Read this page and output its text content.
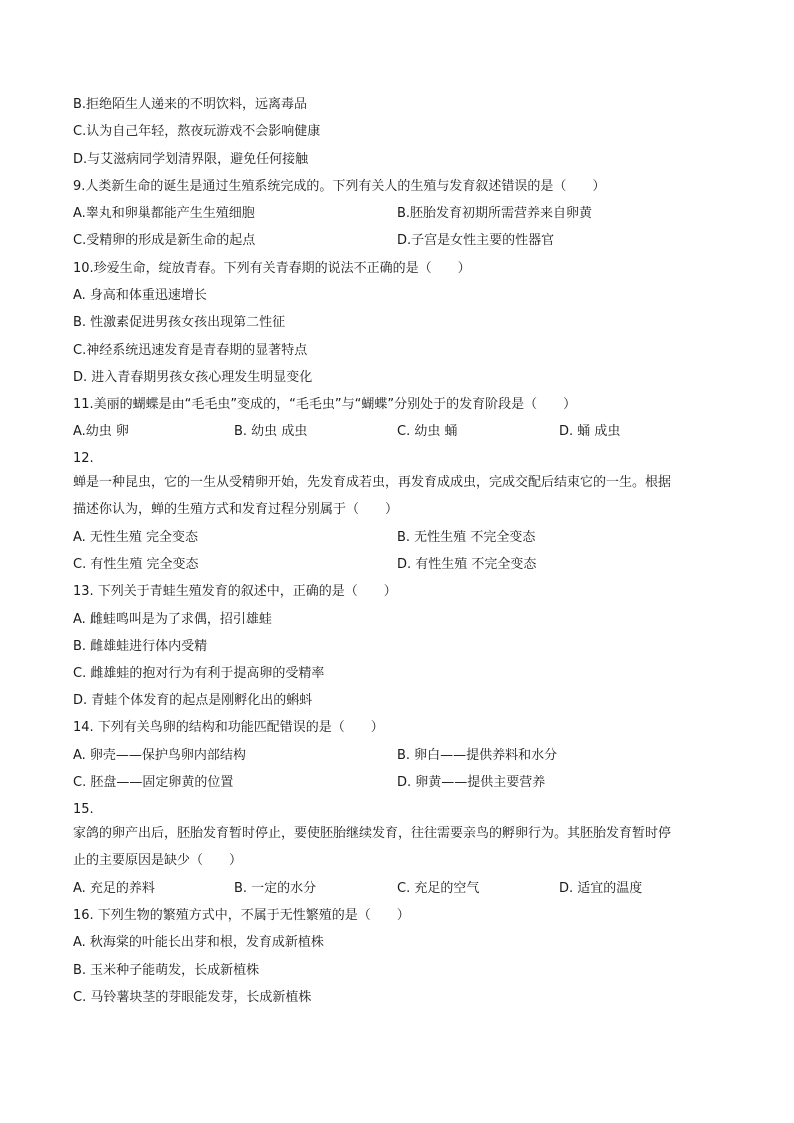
B.拒绝陌生人递来的不明饮料，远离毒品
C.认为自己年轻，熬夜玩游戏不会影响健康
D.与艾滋病同学划清界限，避免任何接触
9.人类新生命的诞生是通过生殖系统完成的。下列有关人的生殖与发育叙述错误的是（　　）
A.睾丸和卵巢都能产生生殖细胞	B.胚胎发育初期所需营养来自卵黄
C.受精卵的形成是新生命的起点	D.子宫是女性主要的性器官
10.珍爱生命，绽放青春。下列有关青春期的说法不正确的是（　　）
A. 身高和体重迅速增长
B. 性激素促进男孩女孩出现第二性征
C.神经系统迅速发育是青春期的显著特点
D. 进入青春期男孩女孩心理发生明显变化
11.美丽的蝴蝶是由“毛毛虫”变成的，“毛毛虫”与“蝴蝶”分别处于的发育阶段是（　　）
A.幼虫 卵	B. 幼虫 成虫	C. 幼虫 蛹	D. 蛹 成虫
12.
蝉是一种昆虫，它的一生从受精卵开始，先发育成若虫，再发育成成虫，完成交配后结束它的一生。根据
描述你认为，蝉的生殖方式和发育过程分别属于（　　）
A. 无性生殖 完全变态	B. 无性生殖 不完全变态
C. 有性生殖 完全变态	D. 有性生殖 不完全变态
13. 下列关于青蛙生殖发育的叙述中，正确的是（　　）
A. 雌蛙鸣叫是为了求偶，招引雄蛙
B. 雌雄蛙进行体内受精
C. 雌雄蛙的抱对行为有利于提高卵的受精率
D. 青蛙个体发育的起点是刚孵化出的蝌蚪
14. 下列有关鸟卵的结构和功能匹配错误的是（　　）
A. 卵壳——保护鸟卵内部结构	B. 卵白——提供养料和水分
C. 胚盘——固定卵黄的位置	D. 卵黄——提供主要营养
15.
家鸽的卵产出后，胚胎发育暂时停止，要使胚胎继续发育，往往需要亲鸟的孵卵行为。其胚胎发育暂时停
止的主要原因是缺少（　　）
A. 充足的养料	B. 一定的水分	C. 充足的空气	D. 适宜的温度
16. 下列生物的繁殖方式中，不属于无性繁殖的是（　　）
A. 秋海棠的叶能长出芽和根，发育成新植株
B. 玉米种子能萌发，长成新植株
C. 马铃薯块茎的芽眼能发芽，长成新植株
